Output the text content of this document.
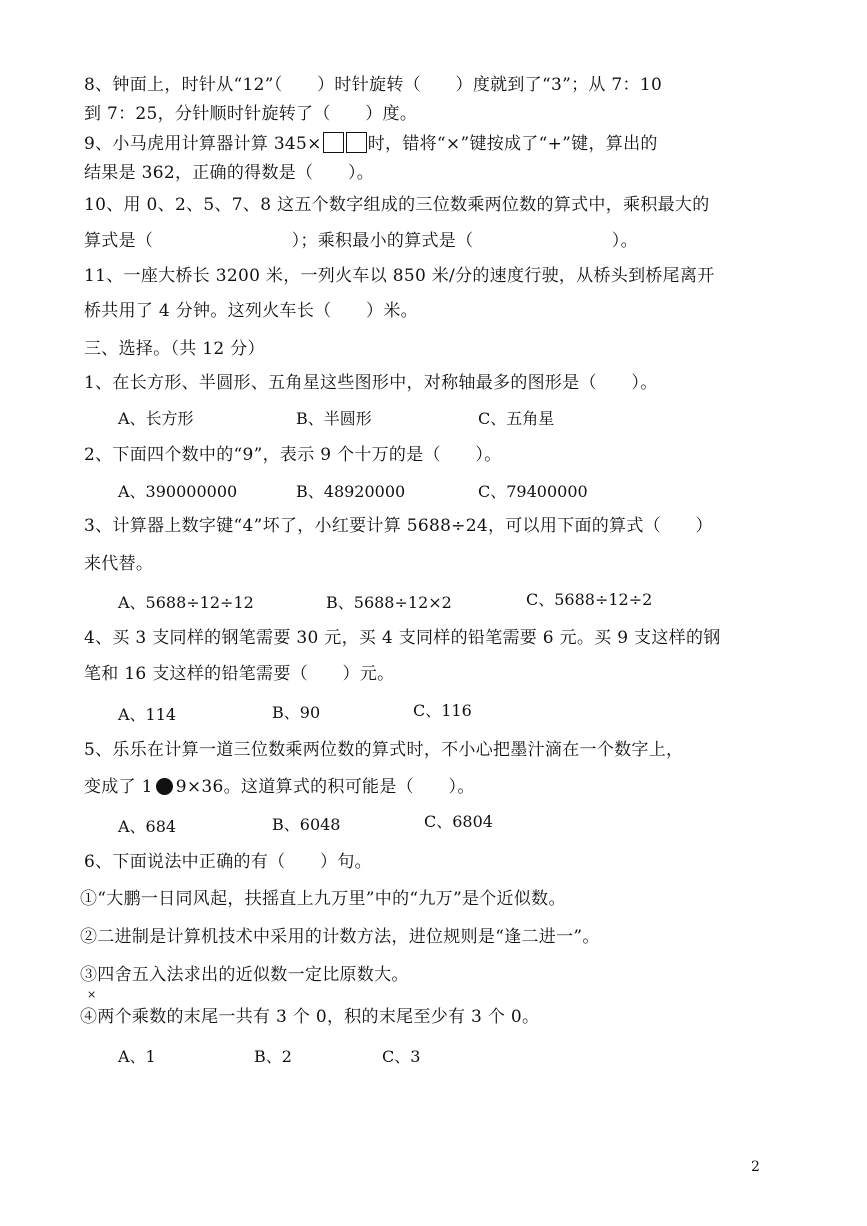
8、钟面上，时针从“12”（　　）时针旋转（　　）度就到了“3”；从 7：10
到 7：25，分针顺时针旋转了（　　）度。
9、小马虎用计算器计算 345×	时，错将“×”键按成了“+”键，算出的
结果是 362，正确的得数是（　　）。
10、用 0、2、5、7、8 这五个数字组成的三位数乘两位数的算式中，乘积最大的
算式是（　　　　　　　　）；乘积最小的算式是（　　　　　　　　）。
11、一座大桥长 3200 米，一列火车以 850 米/分的速度行驶，从桥头到桥尾离开
桥共用了 4 分钟。这列火车长（　　）米。
三、选择。（共 12 分）
1、在长方形、半圆形、五角星这些图形中，对称轴最多的图形是（　　）。
A、长方形	B、半圆形	C、五角星
2、下面四个数中的“9”，表示 9 个十万的是（　　）。
A、390000000	B、48920000	C、79400000
3、计算器上数字键“4”坏了，小红要计算 5688÷24，可以用下面的算式（　　）
来代替。
A、5688÷12÷12	B、5688÷12×2	C、5688÷12÷2
4、买 3 支同样的钢笔需要 30 元，买 4 支同样的铅笔需要 6 元。买 9 支这样的钢
笔和 16 支这样的铅笔需要（　　）元。
A、114	B、90	C、116
5、乐乐在计算一道三位数乘两位数的算式时，不小心把墨汁滴在一个数字上，
变成了 1 9×36。这道算式的积可能是（　　）。
A、684	B、6048	C、6804
6、下面说法中正确的有（　　）句。
①“大鹏一日同风起，扶摇直上九万里”中的“九万”是个近似数。
②二进制是计算机技术中采用的计数方法，进位规则是“逢二进一”。
③四舍五入法求出的近似数一定比原数大。
×
④两个乘数的末尾一共有 3 个 0，积的末尾至少有 3 个 0。
A、1	B、2	C、3
2
